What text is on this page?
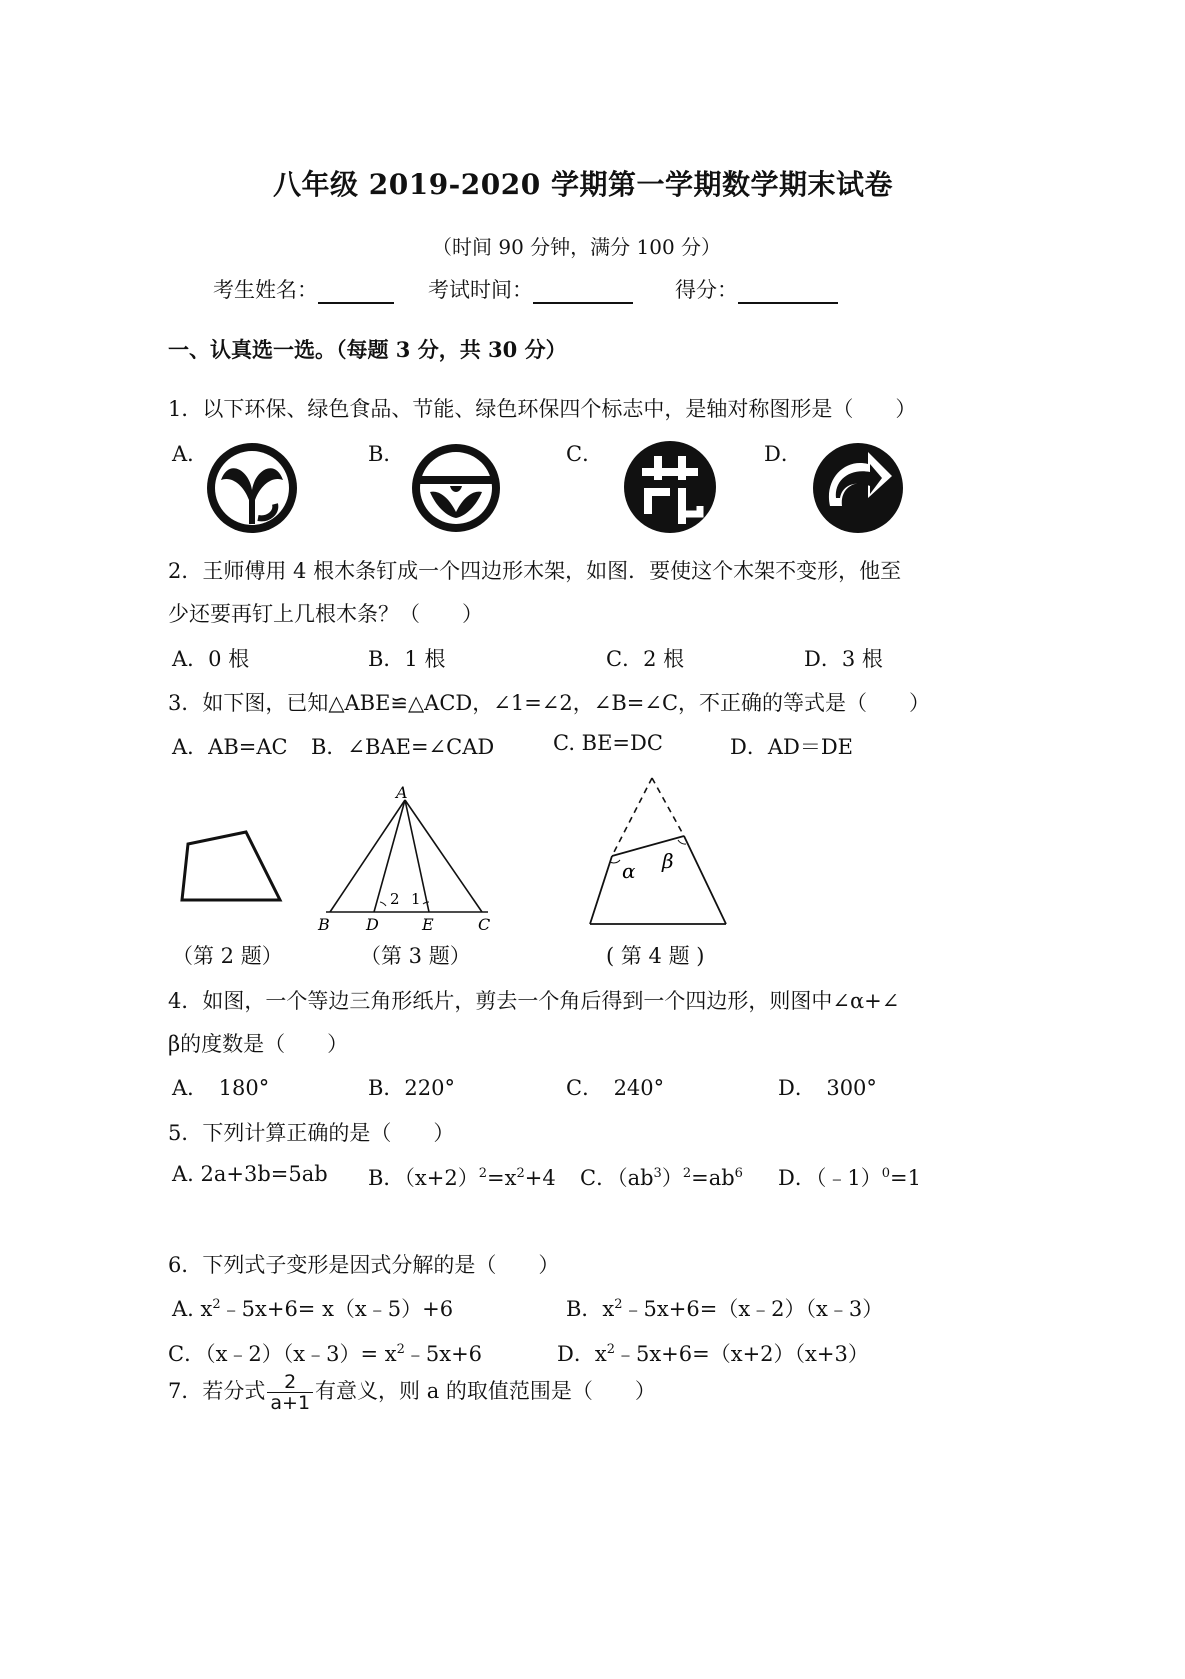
八年级 2019-2020 学期第一学期数学期末试卷
（时间 90 分钟，满分 100 分）
考生姓名：	考试时间：	得分：
一、认真选一选。（每题 3 分，共 30 分）
1．以下环保、绿色食品、节能、绿色环保四个标志中，是轴对称图形是（　　）
A．	B．	C．	D．
2．王师傅用 4 根木条钉成一个四边形木架，如图．要使这个木架不变形，他至
少还要再钉上几根木条？（　　）
A．0 根	B．1 根	C．2 根	D．3 根
3．如下图，已知△ABE≌△ACD，∠1=∠2，∠B=∠C，不正确的等式是（　　）
A．AB=AC B．∠BAE=∠CAD	C. BE=DC	D．AD＝DE
A
B D	E	C
2 1
α β
（第 2 题）	（第 3 题）	( 第 4 题 )
4．如图，一个等边三角形纸片，剪去一个角后得到一个四边形，则图中∠α+∠
β的度数是（　　）
A．　180°	B．220°	C．　240°	D．　300°
5．下列计算正确的是（　　）
A. 2a+3b=5ab B．$(x+2)^2=x^2+4$ C．$(ab^3)^2=ab^6$ D．（﹣1）$^0$=1
6．下列式子变形是因式分解的是（　　）
A. $x^2﹣5x+6=$ x（x﹣5）+6	B．$x^2﹣5x+6=(x﹣2)(x﹣3)$
C．（x﹣2）（x﹣3）= $x^2﹣5x+6$	D．$x^2﹣5x+6=(x+2)(x+3)$
7．若分式 $\frac{2}{a+1}$ 有意义，则 a 的取值范围是（　　）
